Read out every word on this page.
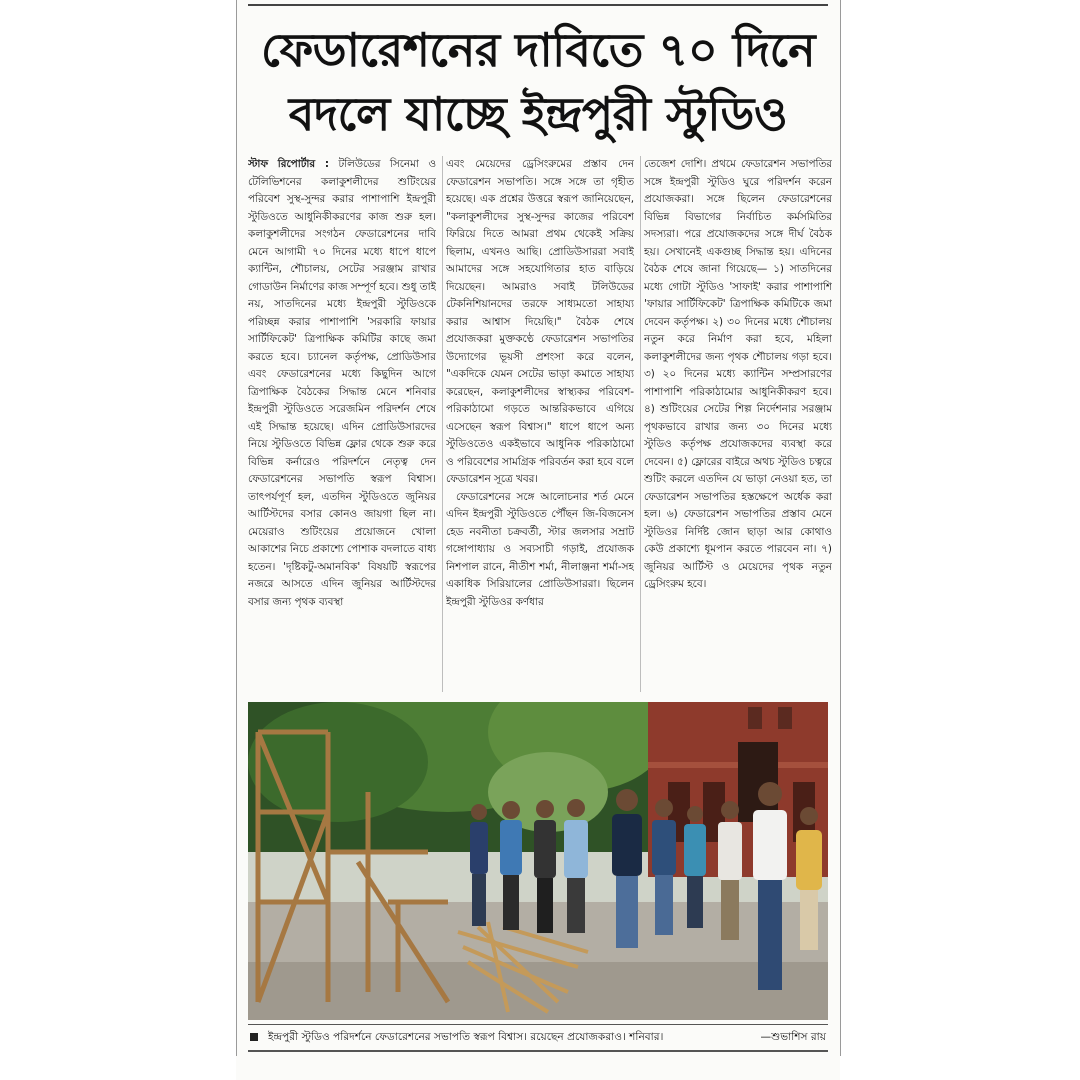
ফেডারেশনের দাবিতে ৭০ দিনে
বদলে যাচ্ছে ইন্দ্রপুরী স্টুডিও

স্টাফ রিপোর্টার : টলিউডের সিনেমা ও টেলিভিশনের কলাকুশলীদের শুটিংয়ের পরিবেশ সুস্থ-সুন্দর করার পাশাপাশি ইন্দ্রপুরী স্টুডিওতে আধুনিকীকরণের কাজ শুরু হল। কলাকুশলীদের সংগঠন ফেডারেশনের দাবি মেনে আগামী ৭০ দিনের মধ্যে ধাপে ধাপে ক্যান্টিন, শৌচালয়, সেটের সরঞ্জাম রাখার গোডাউন নির্মাণের কাজ সম্পূর্ণ হবে। শুধু তাই নয়, সাতদিনের মধ্যে ইন্দ্রপুরী স্টুডিওকে পরিচ্ছন্ন করার পাশাপাশি 'সরকারি ফায়ার সার্টিফিকেট' ত্রিপাক্ষিক কমিটির কাছে জমা করতে হবে। চ্যানেল কর্তৃপক্ষ, প্রোডিউসার এবং ফেডারেশনের মধ্যে কিছুদিন আগে ত্রিপাক্ষিক বৈঠকের সিদ্ধান্ত মেনে শনিবার ইন্দ্রপুরী স্টুডিওতে সরেজমিন পরিদর্শন শেষে এই সিদ্ধান্ত হয়েছে। এদিন প্রোডিউসারদের নিয়ে স্টুডিওতে বিভিন্ন ফ্লোর থেকে শুরু করে বিভিন্ন কর্নারেও পরিদর্শনে নেতৃত্ব দেন ফেডারেশনের সভাপতি স্বরূপ বিশ্বাস। তাৎপর্যপূর্ণ হল, এতদিন স্টুডিওতে জুনিয়র আর্টিস্টদের বসার কোনও জায়গা ছিল না। মেয়েরাও শুটিংয়ের প্রয়োজনে খোলা আকাশের নিচে প্রকাশ্যে পোশাক বদলাতে বাধ্য হতেন। 'দৃষ্টিকটু-অমানবিক' বিষয়টি স্বরূপের নজরে আসতে এদিন জুনিয়র আর্টিস্টদের বসার জন্য পৃথক ব্যবস্থা

এবং মেয়েদের ড্রেসিংরুমের প্রস্তাব দেন ফেডারেশন সভাপতি। সঙ্গে সঙ্গে তা গৃহীত হয়েছে। এক প্রশ্নের উত্তরে স্বরূপ জানিয়েছেন, "কলাকুশলীদের সুস্থ-সুন্দর কাজের পরিবেশ ফিরিয়ে দিতে আমরা প্রথম থেকেই সক্রিয় ছিলাম, এখনও আছি। প্রোডিউসাররা সবাই আমাদের সঙ্গে সহযোগিতার হাত বাড়িয়ে দিয়েছেন। আমরাও সবাই টলিউডের টেকনিশিয়ানদের তরফে সাধ্যমতো সাহায্য করার আশ্বাস দিয়েছি।" বৈঠক শেষে প্রযোজকরা মুক্তকণ্ঠে ফেডারেশন সভাপতির উদ্যোগের ভূয়সী প্রশংসা করে বলেন, "একদিকে যেমন সেটের ভাড়া কমাতে সাহায্য করেছেন, কলাকুশলীদের স্বাস্থ্যকর পরিবেশ-পরিকাঠামো গড়তে আন্তরিকভাবে এগিয়ে এসেছেন স্বরূপ বিশ্বাস।" ধাপে ধাপে অন্য স্টুডিওতেও একইভাবে আধুনিক পরিকাঠামো ও পরিবেশের সামগ্রিক পরিবর্তন করা হবে বলে ফেডারেশন সূত্রে খবর।

ফেডারেশনের সঙ্গে আলোচনার শর্ত মেনে এদিন ইন্দ্রপুরী স্টুডিওতে পৌঁছন জি-বিজনেস হেড নবনীতা চক্রবর্তী, স্টার জলসার সম্রাট গঙ্গোপাধ্যায় ও সব্যসাচী গড়াই, প্রযোজক নিশপাল রানে, নীতীশ শর্মা, নীলাঞ্জনা শর্মা-সহ একাধিক সিরিয়ালের প্রোডিউসাররা। ছিলেন ইন্দ্রপুরী স্টুডিওর কর্ণধার

তেজেশ দোশি। প্রথমে ফেডারেশন সভাপতির সঙ্গে ইন্দ্রপুরী স্টুডিও ঘুরে পরিদর্শন করেন প্রযোজকরা। সঙ্গে ছিলেন ফেডারেশনের বিভিন্ন বিভাগের নির্বাচিত কর্মসমিতির সদস্যরা। পরে প্রযোজকদের সঙ্গে দীর্ঘ বৈঠক হয়। সেখানেই একগুচ্ছ সিদ্ধান্ত হয়। এদিনের বৈঠক শেষে জানা গিয়েছে— ১) সাতদিনের মধ্যে গোটা স্টুডিও 'সাফাই' করার পাশাপাশি 'ফায়ার সার্টিফিকেট' ত্রিপাক্ষিক কমিটিকে জমা দেবেন কর্তৃপক্ষ। ২) ৩০ দিনের মধ্যে শৌচালয় নতুন করে নির্মাণ করা হবে, মহিলা কলাকুশলীদের জন্য পৃথক শৌচালয় গড়া হবে। ৩) ২০ দিনের মধ্যে ক্যান্টিন সম্প্রসারণের পাশাপাশি পরিকাঠামোর আধুনিকীকরণ হবে। ৪) শুটিংয়ের সেটের শিল্প নির্দেশনার সরঞ্জাম পৃথকভাবে রাখার জন্য ৩০ দিনের মধ্যে স্টুডিও কর্তৃপক্ষ প্রযোজকদের ব্যবস্থা করে দেবেন। ৫) ফ্লোরের বাইরে অথচ স্টুডিও চত্বরে শুটিং করলে এতদিন যে ভাড়া নেওয়া হত, তা ফেডারেশন সভাপতির হস্তক্ষেপে অর্ধেক করা হল। ৬) ফেডারেশন সভাপতির প্রস্তাব মেনে স্টুডিওর নির্দিষ্ট জোন ছাড়া আর কোথাও কেউ প্রকাশ্যে ধূমপান করতে পারবেন না। ৭) জুনিয়র আর্টিস্ট ও মেয়েদের পৃথক নতুন ড্রেসিংরুম হবে।

ইন্দ্রপুরী স্টুডিও পরিদর্শনে ফেডারেশনের সভাপতি স্বরূপ বিশ্বাস। রয়েছেন প্রযোজকরাও। শনিবার।	—শুভাশিস রায়
